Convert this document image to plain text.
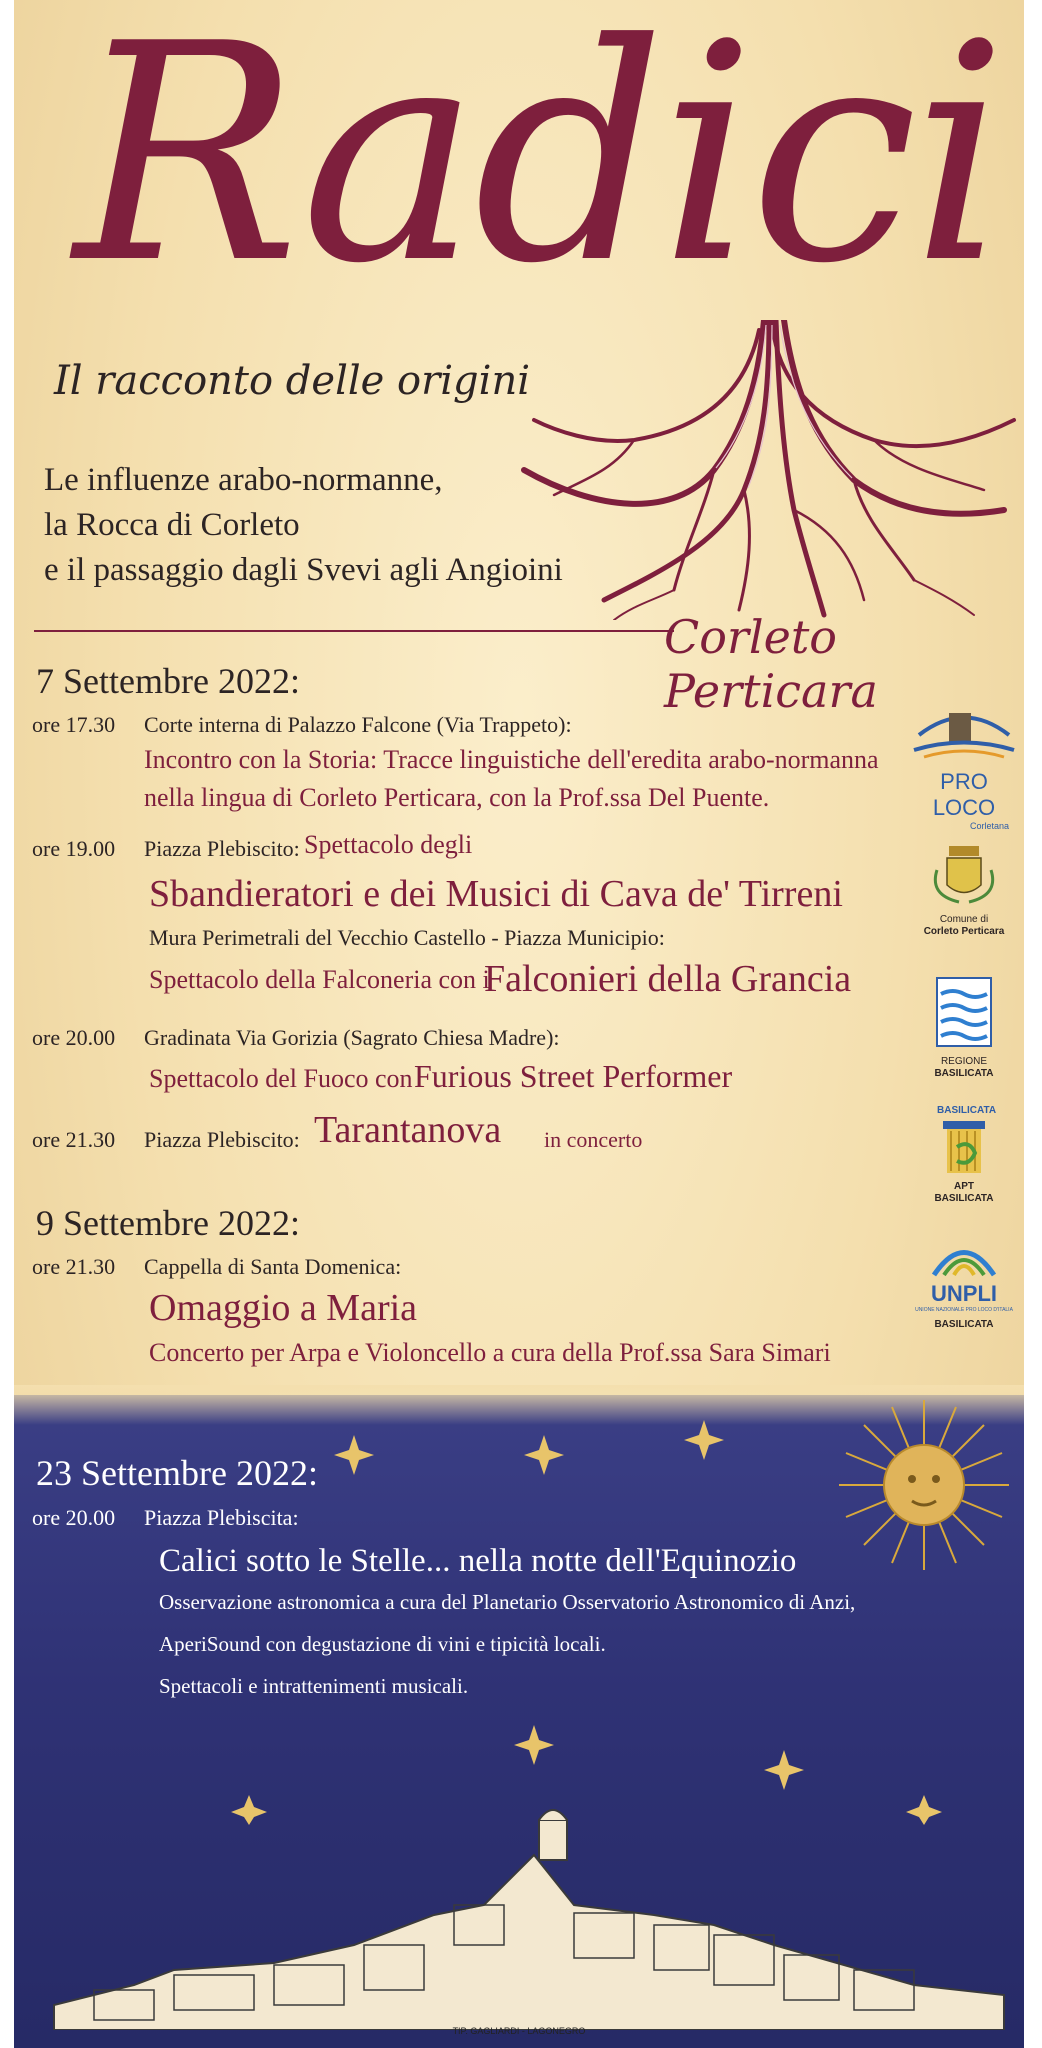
Radici
Il racconto delle origini
Le influenze arabo-normanne,
la Rocca di Corleto
e il passaggio dagli Svevi agli Angioini
Corleto Perticara
7 Settembre 2022:
ore 17.30 Corte interna di Palazzo Falcone (Via Trappeto):
Incontro con la Storia: Tracce linguistiche dell'eredita arabo-normanna
nella lingua di Corleto Perticara, con la Prof.ssa Del Puente.
ore 19.00 Piazza Plebiscito: Spettacolo degli
Sbandieratori e dei Musici di Cava de' Tirreni
Mura Perimetrali del Vecchio Castello - Piazza Municipio:
Spettacolo della Falconeria con i
Falconieri della Grancia
ore 20.00 Gradinata Via Gorizia (Sagrato Chiesa Madre):
Spettacolo del Fuoco con Furious Street Performer
ore 21.30 Piazza Plebiscito: Tarantanova in concerto
9 Settembre 2022:
ore 21.30 Cappella di Santa Domenica:
Omaggio a Maria
Concerto per Arpa e Violoncello a cura della Prof.ssa Sara Simari
23 Settembre 2022:
ore 20.00 Piazza Plebiscita:
Calici sotto le Stelle... nella notte dell'Equinozio
Osservazione astronomica a cura del Planetario Osservatorio Astronomico di Anzi,
AperiSound con degustazione di vini e tipicità locali.
Spettacoli e intrattenimenti musicali.
PRO LOCO
Corletana
Comune di
Corleto Perticara
REGIONE
BASILICATA
BASILICATA
APT
BASILICATA
UNPLI
UNIONE NAZIONALE PRO LOCO D'ITALIA
BASILICATA
TIP. GAGLIARDI - LAGONEGRO
